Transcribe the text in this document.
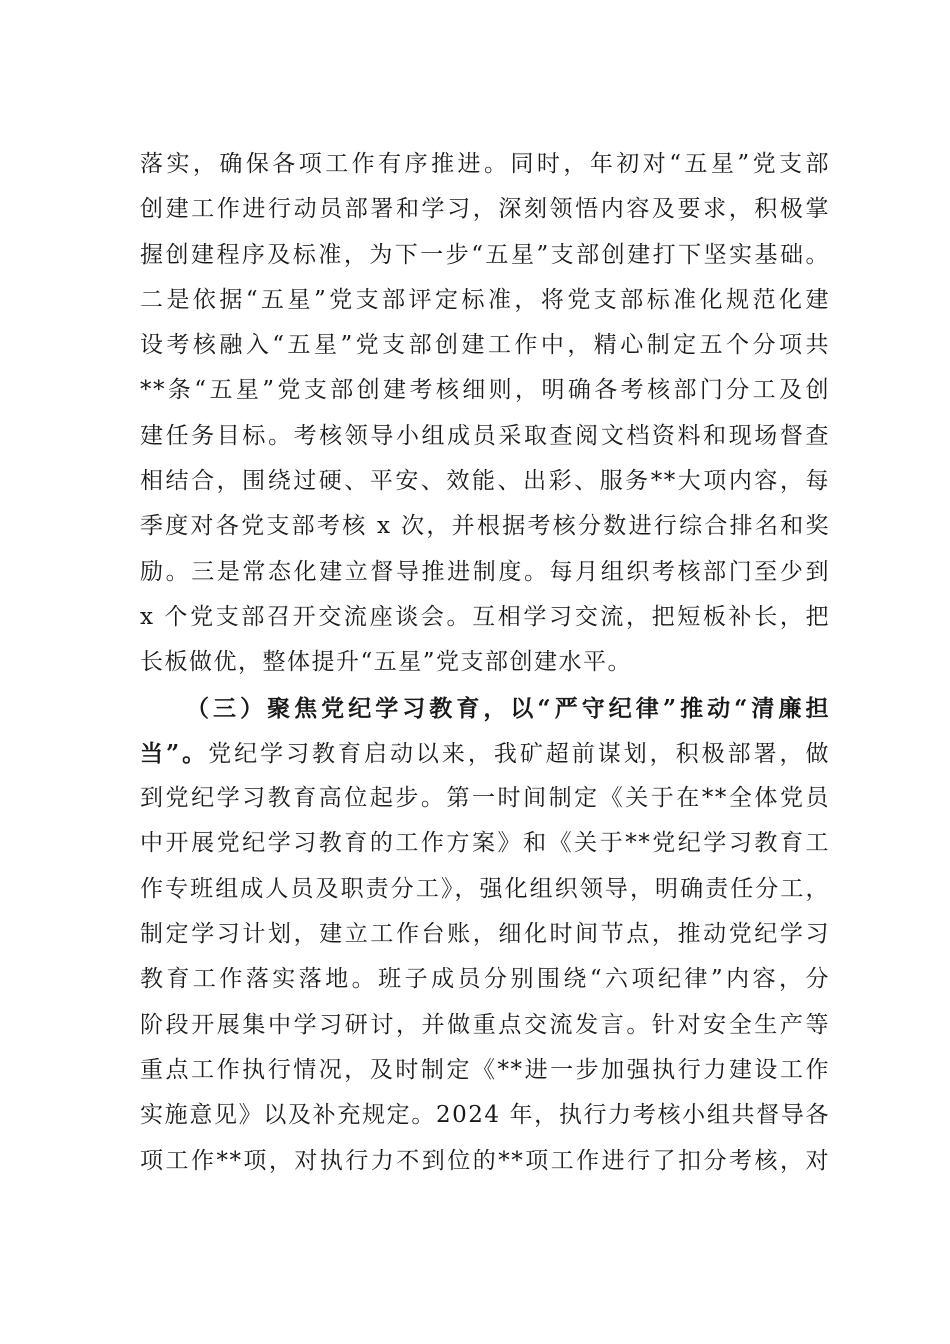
落实，确保各项工作有序推进。同时，年初对“五星”党支部
创建工作进行动员部署和学习，深刻领悟内容及要求，积极掌
握创建程序及标准，为下一步“五星”支部创建打下坚实基础。
二是依据“五星”党支部评定标准，将党支部标准化规范化建
设考核融入“五星”党支部创建工作中，精心制定五个分项共
**条“五星”党支部创建考核细则，明确各考核部门分工及创
建任务目标。考核领导小组成员采取查阅文档资料和现场督查
相结合，围绕过硬、平安、效能、出彩、服务**大项内容，每
季度对各党支部考核 x 次，并根据考核分数进行综合排名和奖
励。三是常态化建立督导推进制度。每月组织考核部门至少到
x 个党支部召开交流座谈会。互相学习交流，把短板补长，把
长板做优，整体提升“五星”党支部创建水平。
（三）聚焦党纪学习教育，以“严守纪律”推动“清廉担
当”。党纪学习教育启动以来，我矿超前谋划，积极部署，做
到党纪学习教育高位起步。第一时间制定《关于在**全体党员
中开展党纪学习教育的工作方案》和《关于**党纪学习教育工
作专班组成人员及职责分工》，强化组织领导，明确责任分工，
制定学习计划，建立工作台账，细化时间节点，推动党纪学习
教育工作落实落地。班子成员分别围绕“六项纪律”内容，分
阶段开展集中学习研讨，并做重点交流发言。针对安全生产等
重点工作执行情况，及时制定《**进一步加强执行力建设工作
实施意见》以及补充规定。2024 年，执行力考核小组共督导各
项工作**项，对执行力不到位的**项工作进行了扣分考核，对
